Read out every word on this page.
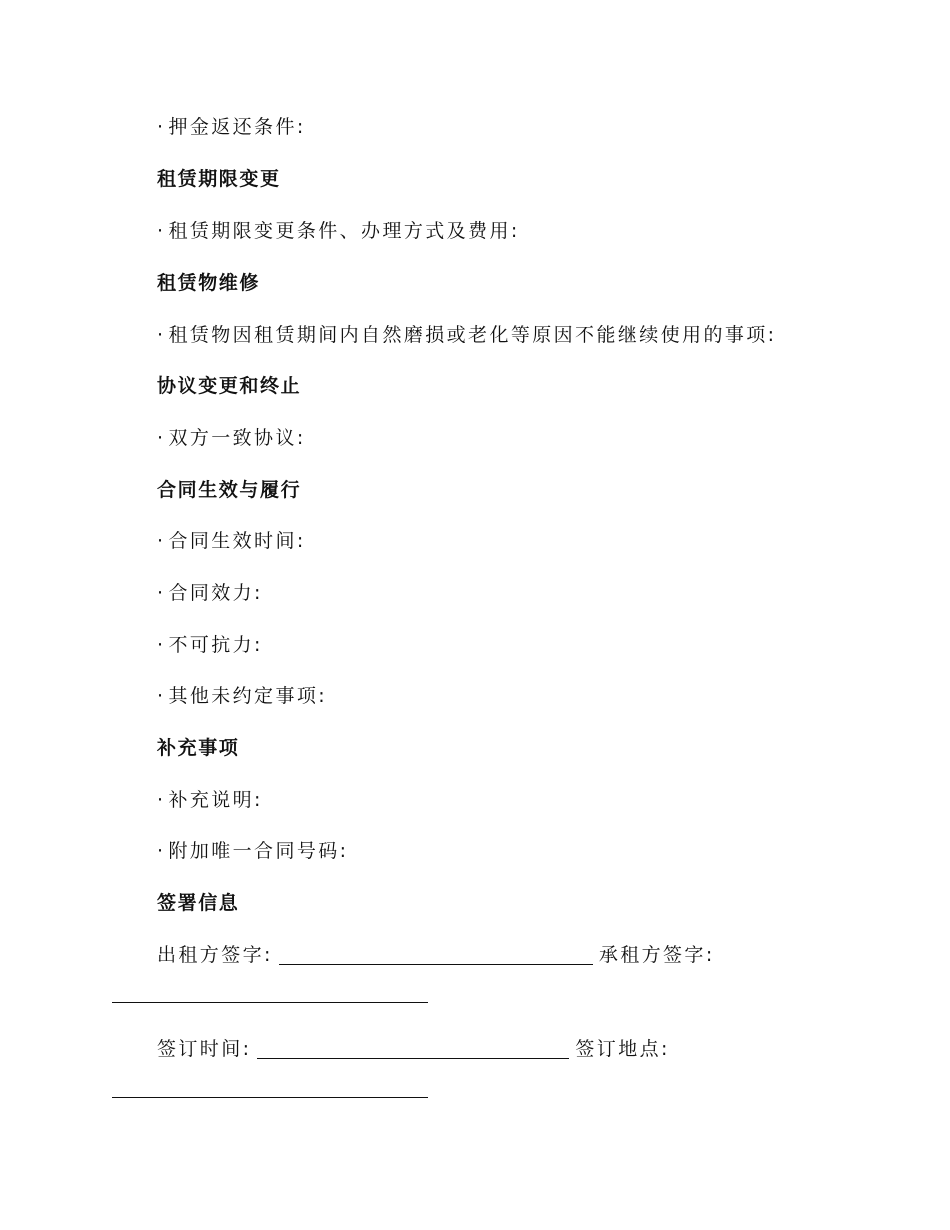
· 押金返还条件:
租赁期限变更
· 租赁期限变更条件、办理方式及费用:
租赁物维修
· 租赁物因租赁期间内自然磨损或老化等原因不能继续使用的事项:
协议变更和终止
· 双方一致协议:
合同生效与履行
· 合同生效时间:
· 合同效力:
· 不可抗力:
· 其他未约定事项:
补充事项
· 补充说明:
· 附加唯一合同号码:
签署信息
出租方签字:	承租方签字:
签订时间:	签订地点:
